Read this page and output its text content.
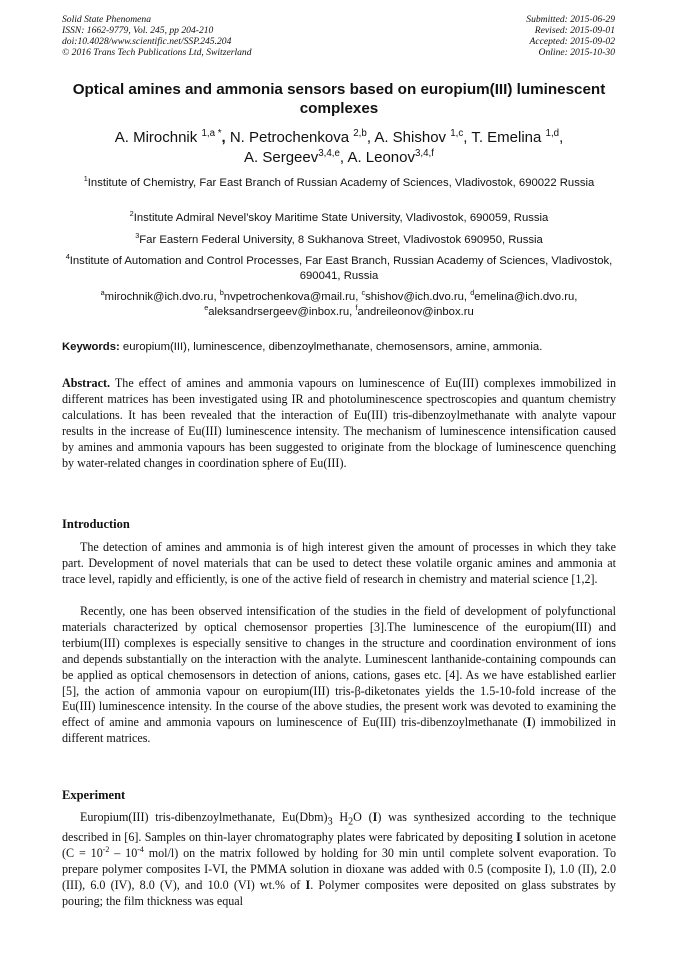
Solid State Phenomena
ISSN: 1662-9779, Vol. 245, pp 204-210
doi:10.4028/www.scientific.net/SSP.245.204
© 2016 Trans Tech Publications Ltd, Switzerland
Submitted: 2015-06-29
Revised: 2015-09-01
Accepted: 2015-09-02
Online: 2015-10-30
Optical amines and ammonia sensors based on europium(III) luminescent complexes
A. Mirochnik $^{1,a *}$, N. Petrochenkova $^{2,b}$, A. Shishov $^{1,c}$, T. Emelina $^{1,d}$,
A. Sergeev$^{3,4,e}$, A. Leonov$^{3,4,f}$
$^1$Institute of Chemistry, Far East Branch of Russian Academy of Sciences, Vladivostok, 690022 Russia
$^2$Institute Admiral Nevel’skoy Maritime State University, Vladivostok, 690059, Russia
$^3$Far Eastern Federal University, 8 Sukhanova Street, Vladivostok 690950, Russia
$^4$Institute of Automation and Control Processes, Far East Branch, Russian Academy of Sciences, Vladivostok, 690041, Russia
$^a$mirochnik@ich.dvo.ru, $^b$nvpetrochenkova@mail.ru, $^c$shishov@ich.dvo.ru, $^d$emelina@ich.dvo.ru,
$^e$aleksandrsergeev@inbox.ru, $^f$andreileonov@inbox.ru
Keywords: europium(III), luminescence, dibenzoylmethanate, chemosensors, amine, ammonia.
Abstract. The effect of amines and ammonia vapours on luminescence of Eu(III) complexes immobilized in different matrices has been investigated using IR and photoluminescence spectroscopies and quantum chemistry calculations. It has been revealed that the interaction of Eu(III) tris-dibenzoylmethanate with analyte vapour results in the increase of Eu(III) luminescence intensity. The mechanism of luminescence intensification caused by amines and ammonia vapours has been suggested to originate from the blockage of luminescence quenching by water-related changes in coordination sphere of Eu(III).
Introduction
The detection of amines and ammonia is of high interest given the amount of processes in which they take part. Development of novel materials that can be used to detect these volatile organic amines and ammonia at trace level, rapidly and efficiently, is one of the active field of research in chemistry and material science [1,2].
Recently, one has been observed intensification of the studies in the field of development of polyfunctional materials characterized by optical chemosensor properties [3].The luminescence of the europium(III) and terbium(III) complexes is especially sensitive to changes in the structure and coordination environment of ions and depends substantially on the interaction with the analyte. Luminescent lanthanide-containing compounds can be applied as optical chemosensors in detection of anions, cations, gases etc. [4]. As we have established earlier [5], the action of ammonia vapour on europium(III) tris-β-diketonates yields the 1.5-10-fold increase of the Eu(III) luminescence intensity. In the course of the above studies, the present work was devoted to examining the effect of amine and ammonia vapours on luminescence of Eu(III) tris-dibenzoylmethanate (I) immobilized in different matrices.
Experiment
Europium(III) tris-dibenzoylmethanate, $Eu(Dbm)_3$ $H_2O$ (I) was synthesized according to the technique described in [6]. Samples on thin-layer chromatography plates were fabricated by depositing I solution in acetone ($C = 10^{-2} - 10^{-4}$ mol/l) on the matrix followed by holding for 30 min until complete solvent evaporation. To prepare polymer composites I-VI, the PMMA solution in dioxane was added with 0.5 (composite I), 1.0 (II), 2.0 (III), 6.0 (IV), 8.0 (V), and 10.0 (VI) wt.% of I. Polymer composites were deposited on glass substrates by pouring; the film thickness was equal
